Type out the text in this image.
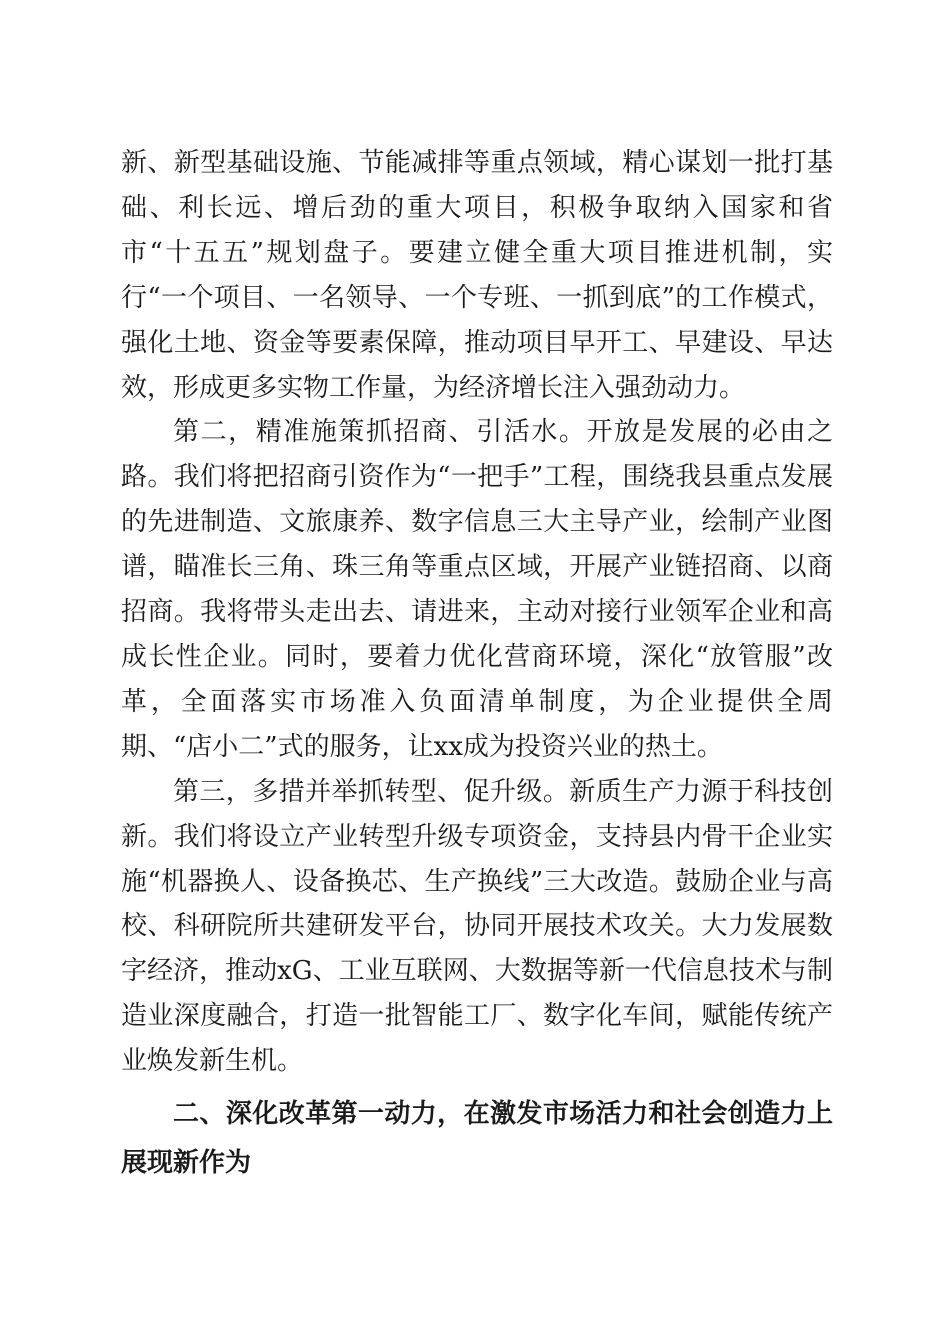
新、新型基础设施、节能减排等重点领域，精心谋划一批打基础、利长远、增后劲的重大项目，积极争取纳入国家和省市“十五五”规划盘子。要建立健全重大项目推进机制，实行“一个项目、一名领导、一个专班、一抓到底”的工作模式，强化土地、资金等要素保障，推动项目早开工、早建设、早达效，形成更多实物工作量，为经济增长注入强劲动力。

第二，精准施策抓招商、引活水。开放是发展的必由之路。我们将把招商引资作为“一把手”工程，围绕我县重点发展的先进制造、文旅康养、数字信息三大主导产业，绘制产业图谱，瞄准长三角、珠三角等重点区域，开展产业链招商、以商招商。我将带头走出去、请进来，主动对接行业领军企业和高成长性企业。同时，要着力优化营商环境，深化“放管服”改革，全面落实市场准入负面清单制度，为企业提供全周期、“店小二”式的服务，让xx成为投资兴业的热土。

第三，多措并举抓转型、促升级。新质生产力源于科技创新。我们将设立产业转型升级专项资金，支持县内骨干企业实施“机器换人、设备换芯、生产换线”三大改造。鼓励企业与高校、科研院所共建研发平台，协同开展技术攻关。大力发展数字经济，推动xG、工业互联网、大数据等新一代信息技术与制造业深度融合，打造一批智能工厂、数字化车间，赋能传统产业焕发新生机。

二、深化改革第一动力，在激发市场活力和社会创造力上展现新作为
